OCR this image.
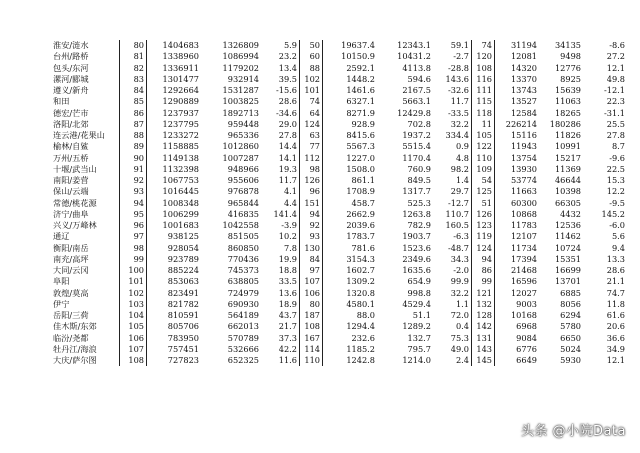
淮安/涟水	80	1404683	1326809	5.9	50	19637.4	12343.1	59.1	74	31194	34135	-8.6
台州/路桥	81	1338960	1086994	23.2	60	10150.9	10431.2	-2.7	120	12081	9498	27.2
包头/东河	82	1336911	1179202	13.4	88	2592.1	4113.8	-28.8	108	14320	12776	12.1
漯河/郾城	83	1301477	932914	39.5	102	1448.2	594.6	143.6	116	13370	8925	49.8
遵义/新舟	84	1292664	1531287	-15.6	101	1461.6	2167.5	-32.6	111	13743	15639	-12.1
和田	85	1290889	1003825	28.6	74	6327.1	5663.1	11.7	115	13527	11063	22.3
德宏/芒市	86	1237937	1892713	-34.6	64	8271.9	12429.8	-33.5	118	12584	18265	-31.1
洛阳/北郊	87	1237795	959448	29.0	124	928.9	702.8	32.2	11	226214	180286	25.5
连云港/花果山	88	1233272	965336	27.8	63	8415.6	1937.2	334.4	105	15116	11826	27.8
榆林/自鲨	89	1158885	1012860	14.4	77	5567.3	5515.4	0.9	122	11943	10991	8.7
万州/五桥	90	1149138	1007287	14.1	112	1227.0	1170.4	4.8	110	13754	15217	-9.6
十堰/武当山	91	1132398	948966	19.3	98	1508.0	760.9	98.2	109	13930	11369	22.5
南阳/姜营	92	1067753	955606	11.7	126	861.1	849.5	1.4	54	53774	46644	15.3
保山/云端	93	1016445	976878	4.1	96	1708.9	1317.7	29.7	125	11663	10398	12.2
常德/桃花源	94	1008348	965844	4.4	151	458.7	525.3	-12.7	51	60300	66305	-9.5
济宁/曲阜	95	1006299	416835	141.4	94	2662.9	1263.8	110.7	126	10868	4432	145.2
兴义/万峰林	96	1001683	1042558	-3.9	92	2039.6	782.9	160.5	123	11783	12536	-6.0
通辽	97	938125	851505	10.2	93	1783.7	1903.7	-6.3	119	12107	11462	5.6
衡阳/南岳	98	928054	860850	7.8	130	781.6	1523.6	-48.7	124	11734	10724	9.4
南充/高坪	99	923789	770436	19.9	84	3154.3	2349.6	34.3	94	17394	15351	13.3
大同/云冈	100	885224	745373	18.8	97	1602.7	1635.6	-2.0	86	21468	16699	28.6
阜阳	101	853063	638805	33.5	107	1309.2	654.9	99.9	99	16596	13701	21.1
敦煌/莫高	102	823491	724979	13.6	106	1320.8	998.8	32.2	121	12027	6885	74.7
伊宁	103	821782	690930	18.9	80	4580.1	4529.4	1.1	132	9003	8056	11.8
岳阳/三荷	104	810591	564189	43.7	187	88.0	51.1	72.0	128	10168	6294	61.6
佳木斯/东郊	105	805706	662013	21.7	108	1294.4	1289.2	0.4	142	6968	5780	20.6
临汾/尧都	106	783950	570789	37.3	167	232.6	132.7	75.3	131	9084	6650	36.6
牡丹江/海浪	107	757451	532666	42.2	114	1185.2	795.7	49.0	143	6776	5024	34.9
大庆/萨尔图	108	727823	652325	11.6	110	1242.8	1214.0	2.4	145	6649	5930	12.1
头条 @小院Data
